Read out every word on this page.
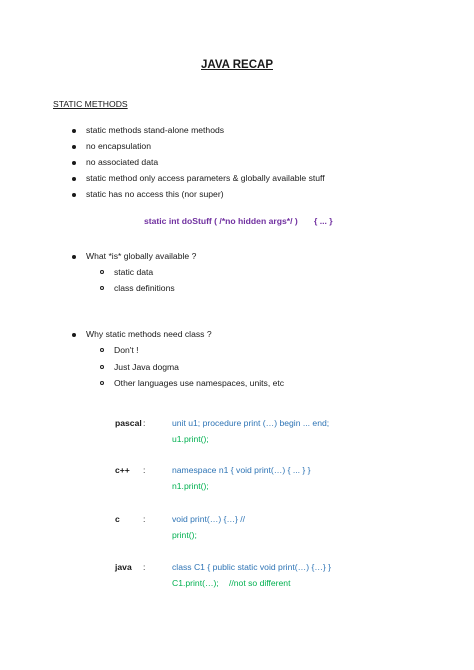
JAVA RECAP
STATIC METHODS
static methods stand-alone methods
no encapsulation
no associated data
static method only access parameters & globally available stuff
static has no access this (nor super)
static int doStuff ( /*no hidden args*/ ) { ... }
What *is* globally available ?
static data
class definitions
Why static methods need class ?
Don't !
Just Java dogma
Other languages use namespaces, units, etc
pascal :	unit u1; procedure print (…) begin ... end;
u1.print();
c++ :	namespace n1 { void print(…) { ... } }
n1.print();
c	:	void print(…) {…} //
print();
java :	class C1 { public static void print(…) {…} }
C1.print(…); //not so different
